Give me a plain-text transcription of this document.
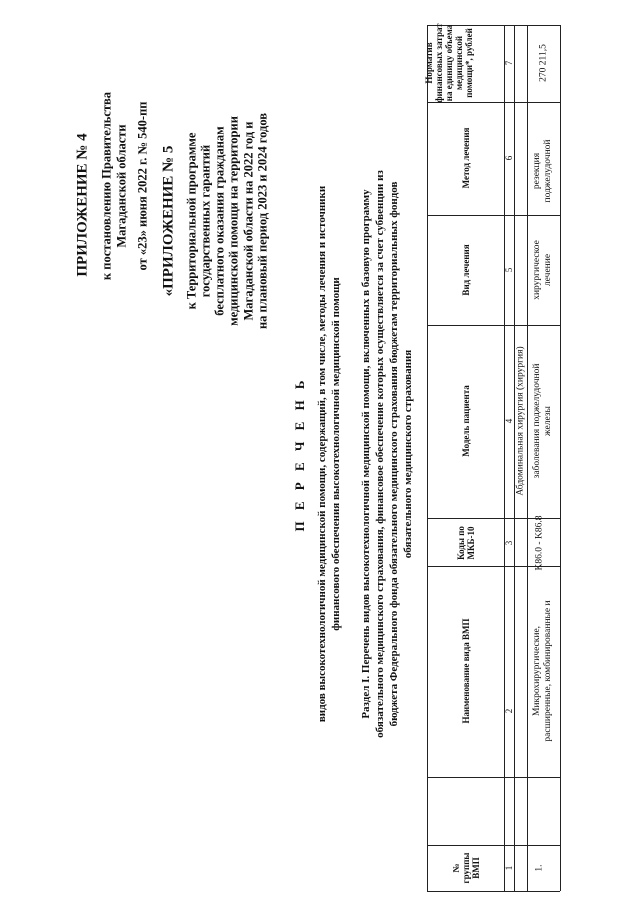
ПРИЛОЖЕНИЕ № 4 к постановлению Правительства Магаданской области от «23» июня 2022 г. № 540-пп «ПРИЛОЖЕНИЕ № 5 к Территориальной программе государственных гарантий бесплатного оказания гражданам медицинской помощи на территории Магаданской области на 2022 год и на плановый период 2023 и 2024 годов
П Е Р Е Ч Е Н Ь видов высокотехнологичной медицинской помощи, содержащий, в том числе, методы лечения и источники финансового обеспечения высокотехнологичной медицинской помощи Раздел I. Перечень видов высокотехнологичной медицинской помощи, включенных в базовую программу обязательного медицинского страхования, финансовое обеспечение которых осуществляется за счет субвенции из бюджета Федерального фонда обязательного медицинского страхования бюджетам территориальных фондов обязательного медицинского страхования
Норматив финансовых затрат на единицу объема медицинской помощи*, рублей
Метод лечения
Вид лечения
Модель пациента
Коды по МКБ-10
Наименование вида ВМП
№ группы ВМП
7
6
5
4
3
2
1
Абдоминальная хирургия (хирургия)
270 211,5
резекция поджелудочной
хирургическое лечение
заболевания поджелудочной железы
K86.0 - K86.8
Микрохирургические, расширенные, комбинированные и
1.
